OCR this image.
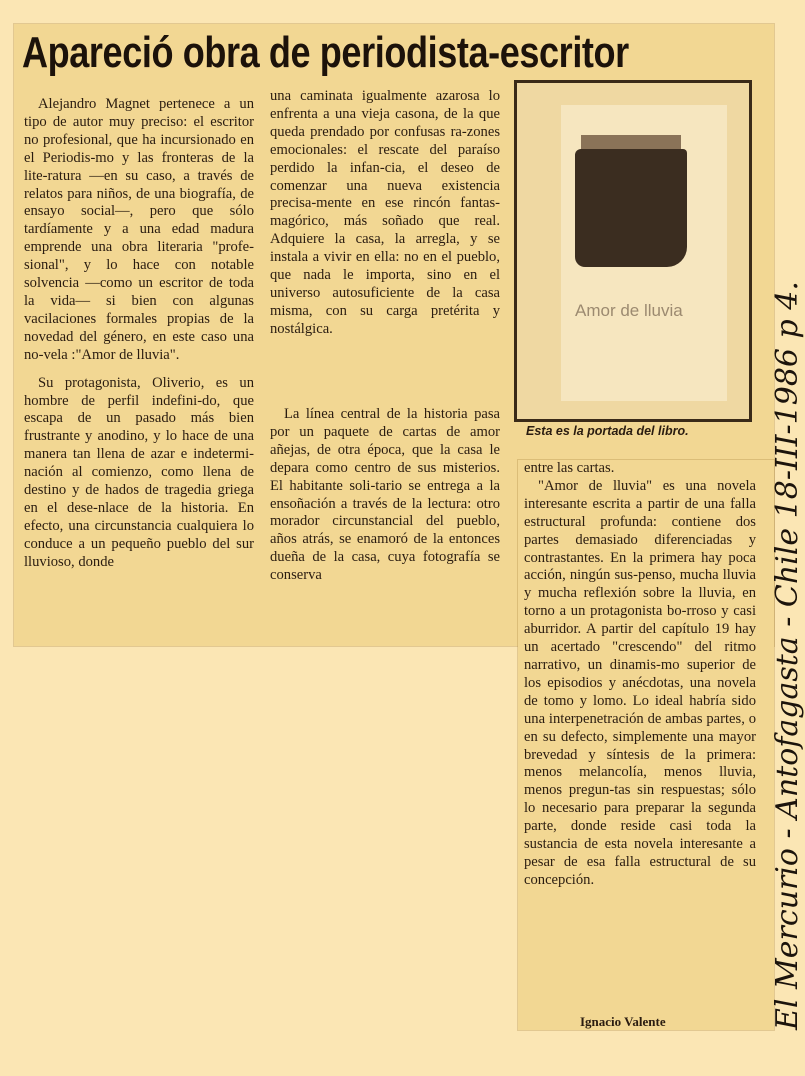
Apareció obra de periodista-escritor

Alejandro Magnet pertenece a un tipo de autor muy preciso: el escritor no profesional, que ha incursionado en el Periodis-mo y las fronteras de la lite-ratura —en su caso, a través de relatos para niños, de una biografía, de ensayo social—, pero que sólo tardíamente y a una edad madura emprende una obra literaria "profe-sional", y lo hace con notable solvencia —como un escritor de toda la vida— si bien con algunas vacilaciones formales propias de la novedad del género, en este caso una no-vela :"Amor de lluvia".

Su protagonista, Oliverio, es un hombre de perfil indefini-do, que escapa de un pasado más bien frustrante y anodino, y lo hace de una manera tan llena de azar e indetermi-nación al comienzo, como llena de destino y de hados de tragedia griega en el dese-nlace de la historia. En efecto, una circunstancia cualquiera lo conduce a un pequeño pueblo del sur lluvioso, donde

una caminata igualmente azarosa lo enfrenta a una vieja casona, de la que queda prendado por confusas ra-zones emocionales: el rescate del paraíso perdido la infan-cia, el deseo de comenzar una nueva existencia precisa-mente en ese rincón fantas-magórico, más soñado que real. Adquiere la casa, la arregla, y se instala a vivir en ella: no en el pueblo, que nada le importa, sino en el universo autosuficiente de la casa misma, con su carga pretérita y nostálgica.

La línea central de la historia pasa por un paquete de cartas de amor añejas, de otra época, que la casa le depara como centro de sus misterios. El habitante soli-tario se entrega a la ensoñación a través de la lectura: otro morador circunstancial del pueblo, años atrás, se enamoró de la entonces dueña de la casa, cuya fotografía se conserva

Amor de lluvia
Esta es la portada del libro.

entre las cartas.

"Amor de lluvia" es una novela interesante escrita a partir de una falla estructural profunda: contiene dos partes demasiado diferenciadas y contrastantes. En la primera hay poca acción, ningún sus-penso, mucha lluvia y mucha reflexión sobre la lluvia, en torno a un protagonista bo-rroso y casi aburridor. A partir del capítulo 19 hay un acertado "crescendo" del ritmo narrativo, un dinamis-mo superior de los episodios y anécdotas, una novela de tomo y lomo. Lo ideal habría sido una interpenetración de ambas partes, o en su defecto, simplemente una mayor brevedad y síntesis de la primera: menos melancolía, menos lluvia, menos pregun-tas sin respuestas; sólo lo necesario para preparar la segunda parte, donde reside casi toda la sustancia de esta novela interesante a pesar de esa falla estructural de su concepción.

Ignacio Valente	El Mercurio - Antofagasta - Chile 18-III-1986 p 4.
